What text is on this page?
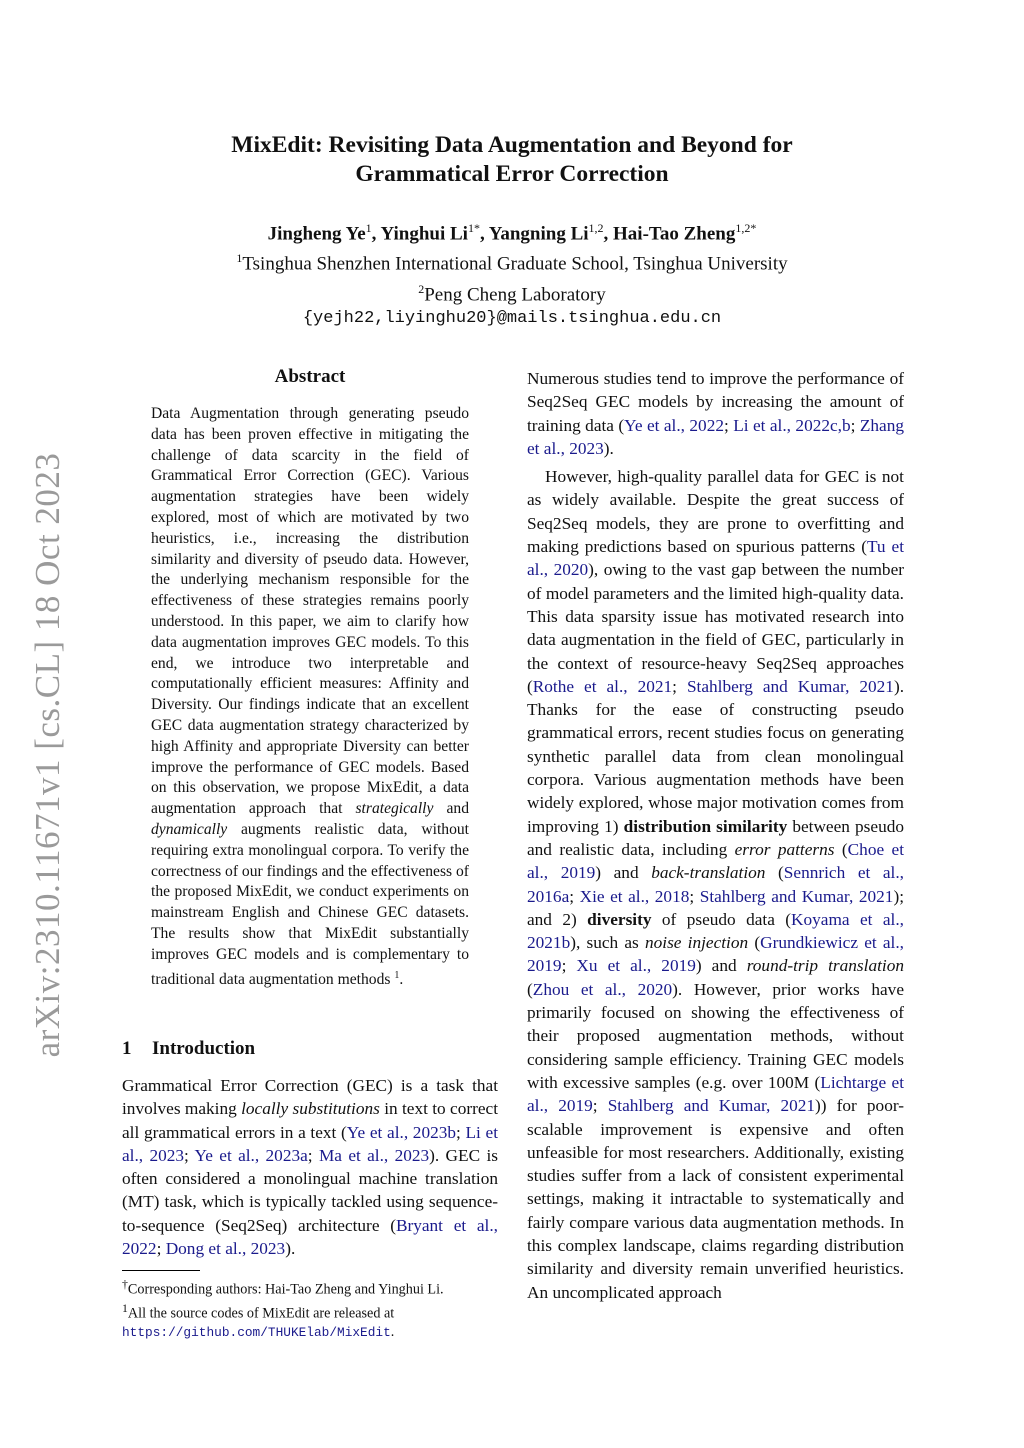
MixEdit: Revisiting Data Augmentation and Beyond for
Grammatical Error Correction
Jingheng Ye$^1$, Yinghui $Li^{1*}$, Yangning Li$^{1,2}$, Hai-Tao Zheng$^{1,2*}$
$^1$Tsinghua Shenzhen International Graduate School, Tsinghua University
$^2$Peng Cheng Laboratory
{yejh22,liyinghu20}@mails.tsinghua.edu.cn
arXiv:2310.11671v1 [cs.CL] 18 Oct 2023
Abstract
Data Augmentation through generating pseudo data has been proven effective in mitigating the challenge of data scarcity in the field of Grammatical Error Correction (GEC). Various augmentation strategies have been widely explored, most of which are motivated by two heuristics, i.e., increasing the distribution similarity and diversity of pseudo data. However, the underlying mechanism responsible for the effectiveness of these strategies remains poorly understood. In this paper, we aim to clarify how data augmentation improves GEC models. To this end, we introduce two interpretable and computationally efficient measures: Affinity and Diversity. Our findings indicate that an excellent GEC data augmentation strategy characterized by high Affinity and appropriate Diversity can better improve the performance of GEC models. Based on this observation, we propose MixEdit, a data augmentation approach that strategically and dynamically augments realistic data, without requiring extra monolingual corpora. To verify the correctness of our findings and the effectiveness of the proposed MixEdit, we conduct experiments on mainstream English and Chinese GEC datasets. The results show that MixEdit substantially improves GEC models and is complementary to traditional data augmentation methods $^1$.
1 Introduction
Grammatical Error Correction (GEC) is a task that involves making locally substitutions in text to correct all grammatical errors in a text (Ye et al., 2023b; Li et al., 2023; Ye et al., 2023a; Ma et al., 2023). GEC is often considered a monolingual machine translation (MT) task, which is typically tackled using sequence-to-sequence (Seq2Seq) architecture (Bryant et al., 2022; Dong et al., 2023).

†Corresponding authors: Hai-Tao Zheng and Yinghui Li.

$^1$All the source codes of MixEdit are released at https://github.com/THUKElab/MixEdit.

Numerous studies tend to improve the performance of Seq2Seq GEC models by increasing the amount of training data (Ye et al., 2022; Li et al., 2022c,b; Zhang et al., 2023).

However, high-quality parallel data for GEC is not as widely available. Despite the great success of Seq2Seq models, they are prone to overfitting and making predictions based on spurious patterns (Tu et al., 2020), owing to the vast gap between the number of model parameters and the limited high-quality data. This data sparsity issue has motivated research into data augmentation in the field of GEC, particularly in the context of resource-heavy Seq2Seq approaches (Rothe et al., 2021; Stahlberg and Kumar, 2021). Thanks for the ease of constructing pseudo grammatical errors, recent studies focus on generating synthetic parallel data from clean monolingual corpora. Various augmentation methods have been widely explored, whose major motivation comes from improving 1) distribution similarity between pseudo and realistic data, including error patterns (Choe et al., 2019) and back-translation (Sennrich et al., 2016a; Xie et al., 2018; Stahlberg and Kumar, 2021); and 2) diversity of pseudo data (Koyama et al., 2021b), such as noise injection (Grundkiewicz et al., 2019; Xu et al., 2019) and round-trip translation (Zhou et al., 2020). However, prior works have primarily focused on showing the effectiveness of their proposed augmentation methods, without considering sample efficiency. Training GEC models with excessive samples (e.g. over 100M (Lichtarge et al., 2019; Stahlberg and Kumar, 2021)) for poor-scalable improvement is expensive and often unfeasible for most researchers. Additionally, existing studies suffer from a lack of consistent experimental settings, making it intractable to systematically and fairly compare various data augmentation methods. In this complex landscape, claims regarding distribution similarity and diversity remain unverified heuristics. An uncomplicated approach
